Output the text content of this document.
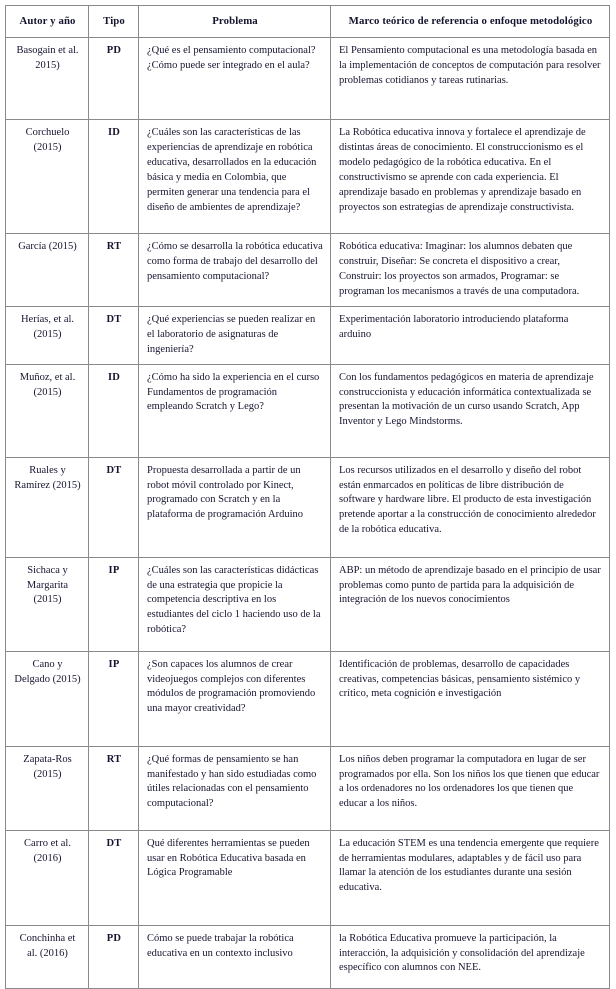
Autor y año	Tipo	Problema	Marco teórico de referencia o enfoque metodológico
Basogain et al. 2015)	PD	¿Qué es el pensamiento computacional? ¿Cómo puede ser integrado en el aula?	El Pensamiento computacional es una metodología basada en la implementación de conceptos de computación para resolver problemas cotidianos y tareas rutinarias.
Corchuelo (2015)	ID	¿Cuáles son las características de las experiencias de aprendizaje en robótica educativa, desarrollados en la educación básica y media en Colombia, que permiten generar una tendencia para el diseño de ambientes de aprendizaje?	La Robótica educativa innova y fortalece el aprendizaje de distintas áreas de conocimiento. El construccionismo es el modelo pedagógico de la robótica educativa. En el constructivismo se aprende con cada experiencia. El aprendizaje basado en problemas y aprendizaje basado en proyectos son estrategias de aprendizaje constructivista.
García (2015)	RT	¿Cómo se desarrolla la robótica educativa como forma de trabajo del desarrollo del pensamiento computacional?	Robótica educativa: Imaginar: los alumnos debaten que construir, Diseñar: Se concreta el dispositivo a crear, Construir: los proyectos son armados, Programar: se programan los mecanismos a través de una computadora.
Herías, et al. (2015)	DT	¿Qué experiencias se pueden realizar en el laboratorio de asignaturas de ingeniería?	Experimentación laboratorio introduciendo plataforma arduino
Muñoz, et al. (2015)	ID	¿Cómo ha sido la experiencia en el curso Fundamentos de programación empleando Scratch y Lego?	Con los fundamentos pedagógicos en materia de aprendizaje construccionista y educación informática contextualizada se presentan la motivación de un curso usando Scratch, App Inventor y Lego Mindstorms.
Ruales y Ramírez (2015)	DT	Propuesta desarrollada a partir de un robot móvil controlado por Kinect, programado con Scratch y en la plataforma de programación Arduino	Los recursos utilizados en el desarrollo y diseño del robot están enmarcados en políticas de libre distribución de software y hardware libre. El producto de esta investigación pretende aportar a la construcción de conocimiento alrededor de la robótica educativa.
Sichaca y Margarita (2015)	IP	¿Cuáles son las características didácticas de una estrategia que propicie la competencia descriptiva en los estudiantes del ciclo 1 haciendo uso de la robótica?	ABP: un método de aprendizaje basado en el principio de usar problemas como punto de partida para la adquisición de integración de los nuevos conocimientos
Cano y Delgado (2015)	IP	¿Son capaces los alumnos de crear videojuegos complejos con diferentes módulos de programación promoviendo una mayor creatividad?	Identificación de problemas, desarrollo de capacidades creativas, competencias básicas, pensamiento sistémico y crítico, meta cognición e investigación
Zapata-Ros (2015)	RT	¿Qué formas de pensamiento se han manifestado y han sido estudiadas como útiles relacionadas con el pensamiento computacional?	Los niños deben programar la computadora en lugar de ser programados por ella. Son los niños los que tienen que educar a los ordenadores no los ordenadores los que tienen que educar a los niños.
Carro et al. (2016)	DT	Qué diferentes herramientas se pueden usar en Robótica Educativa basada en Lógica Programable	La educación STEM es una tendencia emergente que requiere de herramientas modulares, adaptables y de fácil uso para llamar la atención de los estudiantes durante una sesión educativa.
Conchinha et al. (2016)	PD	Cómo se puede trabajar la robótica educativa en un contexto inclusivo	la Robótica Educativa promueve la participación, la interacción, la adquisición y consolidación del aprendizaje específico con alumnos con NEE.
